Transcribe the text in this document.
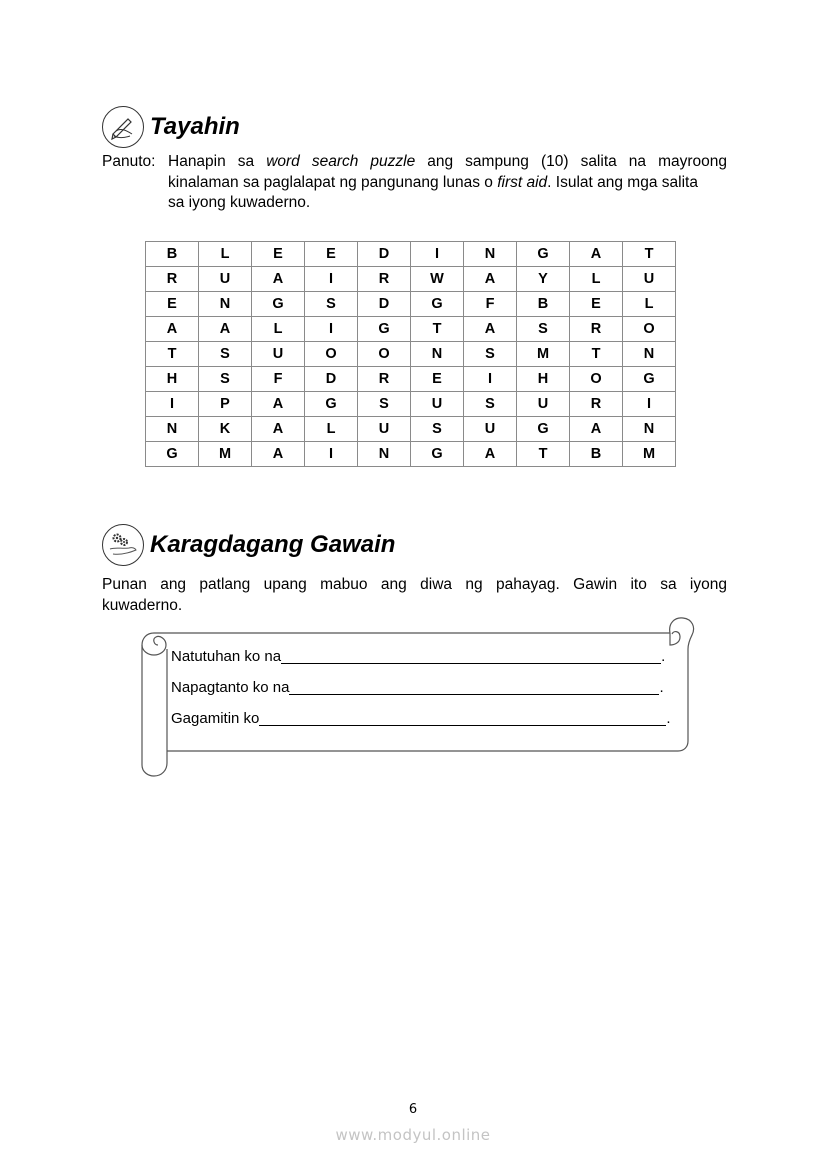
Tayahin
Panuto: Hanapin sa word search puzzle ang sampung (10) salita na mayroong
kinalaman sa paglalapat ng pangunang lunas o first aid. Isulat ang mga salita
sa iyong kuwaderno.
B	L	E	E	D	I	N	G	A	T
R	U	A	I	R	W	A	Y	L	U
E	N	G	S	D	G	F	B	E	L
A	A	L	I	G	T	A	S	R	O
T	S	U	O	O	N	S	M	T	N
H	S	F	D	R	E	I	H	O	G
I	P	A	G	S	U	S	U	R	I
N	K	A	L	U	S	U	G	A	N
G	M	A	I	N	G	A	T	B	M
Karagdagang Gawain
Punan ang patlang upang mabuo ang diwa ng pahayag. Gawin ito sa iyong
kuwaderno.
Natutuhan ko na	.
Napagtanto ko na	.
Gagamitin ko	.
6
www.modyul.online
